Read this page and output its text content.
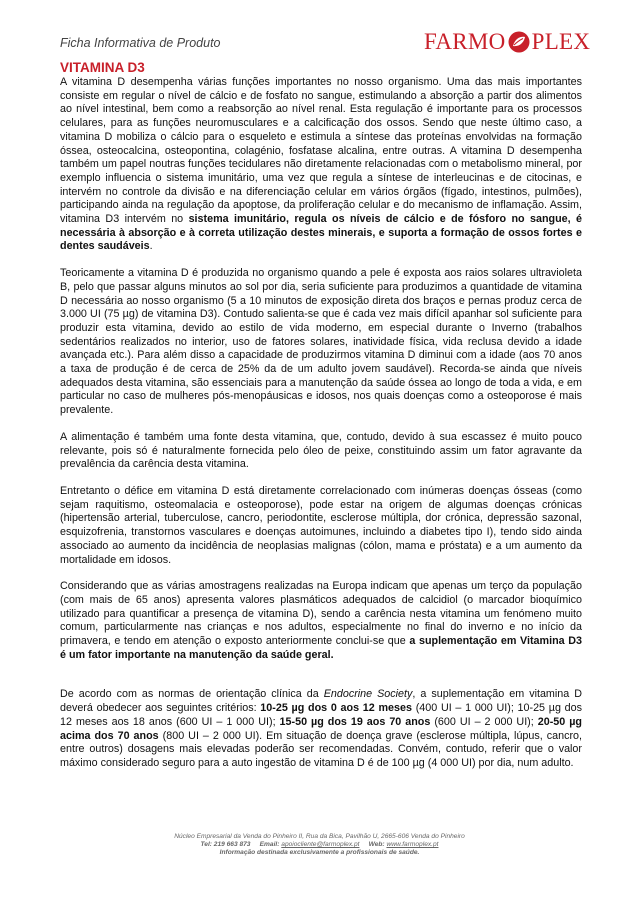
Ficha Informativa de Produto	FARMO PLEX
VITAMINA D3

A vitamina D desempenha várias funções importantes no nosso organismo. Uma das mais importantes consiste em regular o nível de cálcio e de fosfato no sangue, estimulando a absorção a partir dos alimentos ao nível intestinal, bem como a reabsorção ao nível renal. Esta regulação é importante para os processos celulares, para as funções neuromusculares e a calcificação dos ossos. Sendo que neste último caso, a vitamina D mobiliza o cálcio para o esqueleto e estimula a síntese das proteínas envolvidas na formação óssea, osteocalcina, osteopontina, colagénio, fosfatase alcalina, entre outras. A vitamina D desempenha também um papel noutras funções tecidulares não diretamente relacionadas com o metabolismo mineral, por exemplo influencia o sistema imunitário, uma vez que regula a síntese de interleucinas e de citocinas, e intervém no controle da divisão e na diferenciação celular em vários órgãos (fígado, intestinos, pulmões), participando ainda na regulação da apoptose, da proliferação celular e do mecanismo de inflamação. Assim, vitamina D3 intervém no sistema imunitário, regula os níveis de cálcio e de fósforo no sangue, é necessária à absorção e à correta utilização destes minerais, e suporta a formação de ossos fortes e dentes saudáveis.

Teoricamente a vitamina D é produzida no organismo quando a pele é exposta aos raios solares ultravioleta B, pelo que passar alguns minutos ao sol por dia, seria suficiente para produzimos a quantidade de vitamina D necessária ao nosso organismo (5 a 10 minutos de exposição direta dos braços e pernas produz cerca de 3.000 UI (75 µg) de vitamina D3). Contudo salienta-se que é cada vez mais difícil apanhar sol suficiente para produzir esta vitamina, devido ao estilo de vida moderno, em especial durante o Inverno (trabalhos sedentários realizados no interior, uso de fatores solares, inatividade física, vida reclusa devido a idade avançada etc.). Para além disso a capacidade de produzirmos vitamina D diminui com a idade (aos 70 anos a taxa de produção é de cerca de 25% da de um adulto jovem saudável). Recorda-se ainda que níveis adequados desta vitamina, são essenciais para a manutenção da saúde óssea ao longo de toda a vida, e em particular no caso de mulheres pós-menopáusicas e idosos, nos quais doenças como a osteoporose é mais prevalente.

A alimentação é também uma fonte desta vitamina, que, contudo, devido à sua escassez é muito pouco relevante, pois só é naturalmente fornecida pelo óleo de peixe, constituindo assim um fator agravante da prevalência da carência desta vitamina.

Entretanto o défice em vitamina D está diretamente correlacionado com inúmeras doenças ósseas (como sejam raquitismo, osteomalacia e osteoporose), pode estar na origem de algumas doenças crónicas (hipertensão arterial, tuberculose, cancro, periodontite, esclerose múltipla, dor crónica, depressão sazonal, esquizofrenia, transtornos vasculares e doenças autoimunes, incluindo a diabetes tipo I), tendo sido ainda associado ao aumento da incidência de neoplasias malignas (cólon, mama e próstata) e a um aumento da mortalidade em idosos.

Considerando que as várias amostragens realizadas na Europa indicam que apenas um terço da população (com mais de 65 anos) apresenta valores plasmáticos adequados de calcidiol (o marcador bioquímico utilizado para quantificar a presença de vitamina D), sendo a carência nesta vitamina um fenómeno muito comum, particularmente nas crianças e nos adultos, especialmente no final do inverno e no início da primavera, e tendo em atenção o exposto anteriormente conclui-se que a suplementação em Vitamina D3 é um fator importante na manutenção da saúde geral.

De acordo com as normas de orientação clínica da Endocrine Society, a suplementação em vitamina D deverá obedecer aos seguintes critérios: 10-25 µg dos 0 aos 12 meses (400 UI – 1 000 UI); 10-25 µg dos 12 meses aos 18 anos (600 UI – 1 000 UI); 15-50 µg dos 19 aos 70 anos (600 UI – 2 000 UI); 20-50 µg acima dos 70 anos (800 UI – 2 000 UI). Em situação de doença grave (esclerose múltipla, lúpus, cancro, entre outros) dosagens mais elevadas poderão ser recomendadas. Convém, contudo, referir que o valor máximo considerado seguro para a auto ingestão de vitamina D é de 100 µg (4 000 UI) por dia, num adulto.

Núcleo Empresarial da Venda do Pinheiro II, Rua da Bica, Pavilhão U, 2665-606 Venda do Pinheiro
Tel: 219 663 873 Email: apoiocliente@farmoplex.pt Web: www.farmoplex.pt
Informação destinada exclusivamente a profissionais de saúde.
